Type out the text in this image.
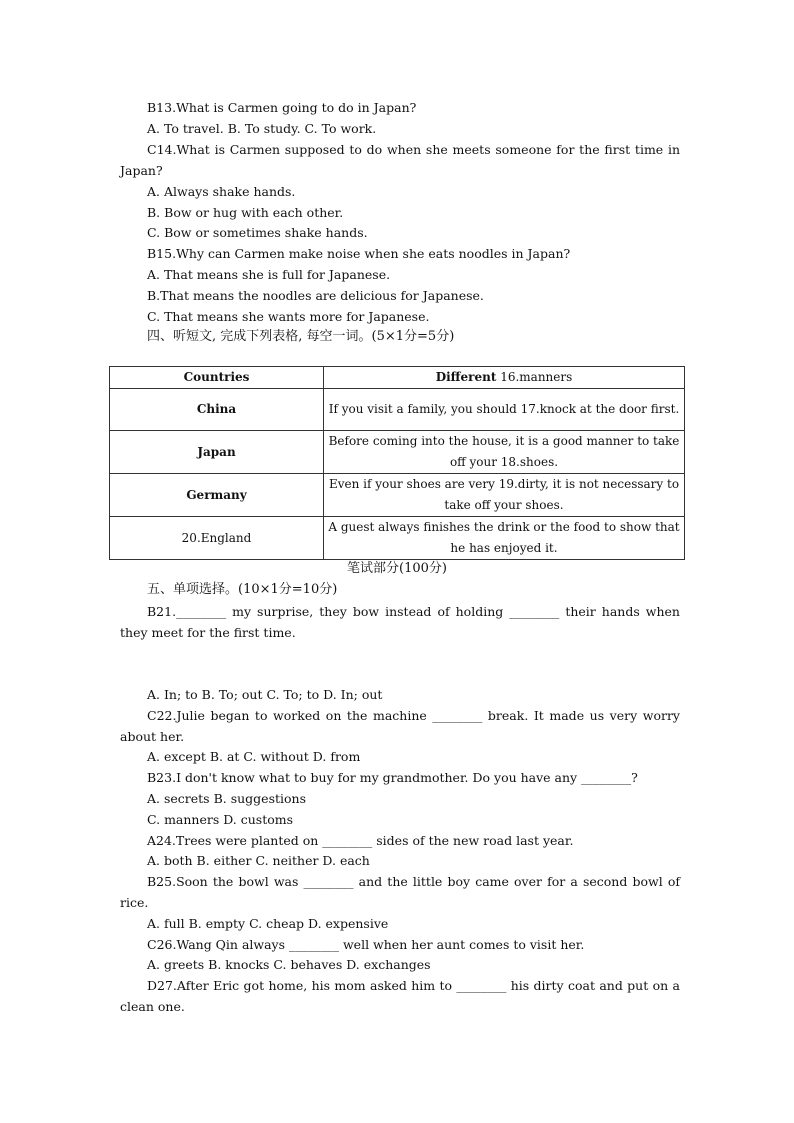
B13.What is Carmen going to do in Japan?
A. To travel. B. To study. C. To work.
C14.What is Carmen supposed to do when she meets someone for the first time in Japan?
A. Always shake hands.
B. Bow or hug with each other.
C. Bow or sometimes shake hands.
B15.Why can Carmen make noise when she eats noodles in Japan?
A. That means she is full for Japanese.
B.That means the noodles are delicious for Japanese.
C. That means she wants more for Japanese.
四、听短文, 完成下列表格, 每空一词。(5×1分=5分)
Countries	Different 16.manners
China	If you visit a family, you should 17.knock at the door first.
Japan	Before coming into the house, it is a good manner to take off your 18.shoes.
Germany	Even if your shoes are very 19.dirty, it is not necessary to take off your shoes.
20.England	A guest always finishes the drink or the food to show that he has enjoyed it.
笔试部分(100分)
五、单项选择。(10×1分=10分)
B21.________ my surprise, they bow instead of holding ________ their hands when they meet for the first time.
A. In; to B. To; out C. To; to D. In; out
C22.Julie began to worked on the machine ________ break. It made us very worry about her.
A. except B. at C. without D. from
B23.I don't know what to buy for my grandmother. Do you have any ________?
A. secrets B. suggestions
C. manners D. customs
A24.Trees were planted on ________ sides of the new road last year.
A. both B. either C. neither D. each
B25.Soon the bowl was ________ and the little boy came over for a second bowl of rice.
A. full B. empty C. cheap D. expensive
C26.Wang Qin always ________ well when her aunt comes to visit her.
A. greets B. knocks C. behaves D. exchanges
D27.After Eric got home, his mom asked him to ________ his dirty coat and put on a clean one.
